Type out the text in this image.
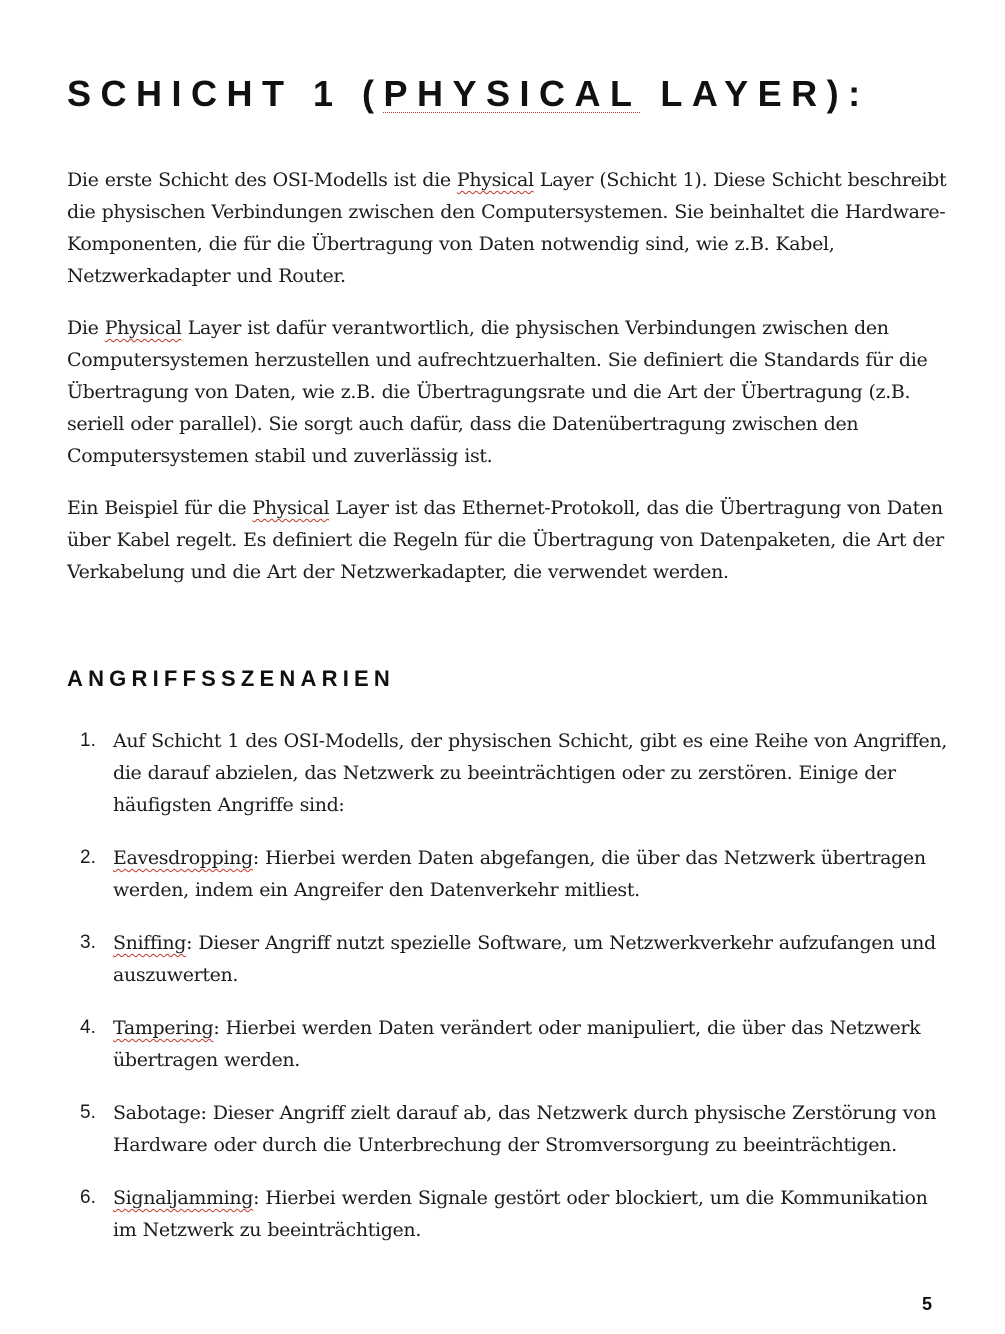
SCHICHT 1 (PHYSICAL LAYER):

Die erste Schicht des OSI-Modells ist die Physical Layer (Schicht 1). Diese Schicht beschreibt die physischen Verbindungen zwischen den Computersystemen. Sie beinhaltet die Hardware-Komponenten, die für die Übertragung von Daten notwendig sind, wie z.B. Kabel, Netzwerkadapter und Router.

Die Physical Layer ist dafür verantwortlich, die physischen Verbindungen zwischen den Computersystemen herzustellen und aufrechtzuerhalten. Sie definiert die Standards für die Übertragung von Daten, wie z.B. die Übertragungsrate und die Art der Übertragung (z.B. seriell oder parallel). Sie sorgt auch dafür, dass die Datenübertragung zwischen den Computersystemen stabil und zuverlässig ist.

Ein Beispiel für die Physical Layer ist das Ethernet-Protokoll, das die Übertragung von Daten über Kabel regelt. Es definiert die Regeln für die Übertragung von Datenpaketen, die Art der Verkabelung und die Art der Netzwerkadapter, die verwendet werden.

ANGRIFFSSZENARIEN
1. Auf Schicht 1 des OSI-Modells, der physischen Schicht, gibt es eine Reihe von Angriffen, die darauf abzielen, das Netzwerk zu beeinträchtigen oder zu zerstören. Einige der häufigsten Angriffe sind:
2. Eavesdropping: Hierbei werden Daten abgefangen, die über das Netzwerk übertragen werden, indem ein Angreifer den Datenverkehr mitliest.
3. Sniffing: Dieser Angriff nutzt spezielle Software, um Netzwerkverkehr aufzufangen und auszuwerten.
4. Tampering: Hierbei werden Daten verändert oder manipuliert, die über das Netzwerk übertragen werden.
5. Sabotage: Dieser Angriff zielt darauf ab, das Netzwerk durch physische Zerstörung von Hardware oder durch die Unterbrechung der Stromversorgung zu beeinträchtigen.
6. Signaljamming: Hierbei werden Signale gestört oder blockiert, um die Kommunikation im Netzwerk zu beeinträchtigen.
5
